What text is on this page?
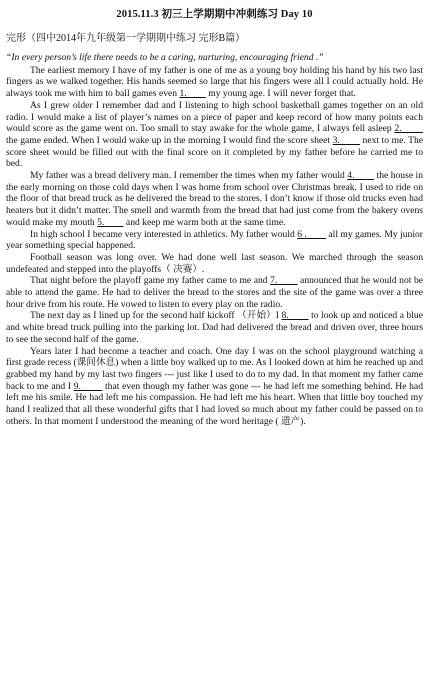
2015.11.3 初三上学期期中冲刺练习 Day 10
完形（四中2014年九年级第一学期期中练习 完形B篇）
“In every person’s life there needs to be a caring, nurturing, encouraging friend .”

The earliest memory I have of my father is one of me as a young boy holding his hand by his two last fingers as we walked together. His hands seemed so large that his fingers were all I could actually hold. He always took me with him to ball games even 1.         my young age. I will never forget that.

As I grew older I remember dad and I listening to high school basketball games together on an old radio. I would make a list of player’s names on a piece of paper and keep record of how many points each would score as the game went on. Too small to stay awake for the whole game, I always fell asleep 2.         the game ended. When I would wake up in the morning I would find the score sheet 3.         next to me. The score sheet would be filled out with the final score on it completed by my father before he carried me to bed.

My father was a bread delivery man. I remember the times when my father would 4.         the house in the early morning on those cold days when I was home from school over Christmas break. I used to ride on the floor of that bread truck as he delivered the bread to the stores. I don’t know if those old trucks even had heaters but it didn’t matter. The smell and warmth from the bread that had just come from the bakery ovens would make my mouth 5.         and keep me warm both at the same time.

In high school I became very interested in athletics. My father would 6 .         all my games. My junior year something special happened.

Football season was long over. We had done well last season. We marched through the season undefeated and stepped into the playoffs（ 决赛）.

That night before the playoff game my father came to me and 7.         announced that he would not be able to attend the game. He had to deliver the bread to the stores and the site of the game was over a three hour drive from his route. He vowed to listen to every play on the radio.

The next day as I lined up for the second half kickoff （开始）I 8.         to look up and noticed a blue and white bread truck pulling into the parking lot. Dad had delivered the bread and driven over, three hours to see the second half of the game.

Years later I had become a teacher and coach. One day I was on the school playground watching a first grade recess (课间休息) when a little boy walked up to me. As I looked down at him he reached up and grabbed my hand by my last two fingers --- just like I used to do to my dad. In that moment my father came back to me and I 9.         that even though my father was gone --- he had left me something behind. He had left me his smile. He had left me his compassion. He had left me his heart. When that little boy touched my hand I realized that all these wonderful gifts that I had loved so much about my father could be passed on to others. In that moment I understood the meaning of the word heritage ( 遗产).
